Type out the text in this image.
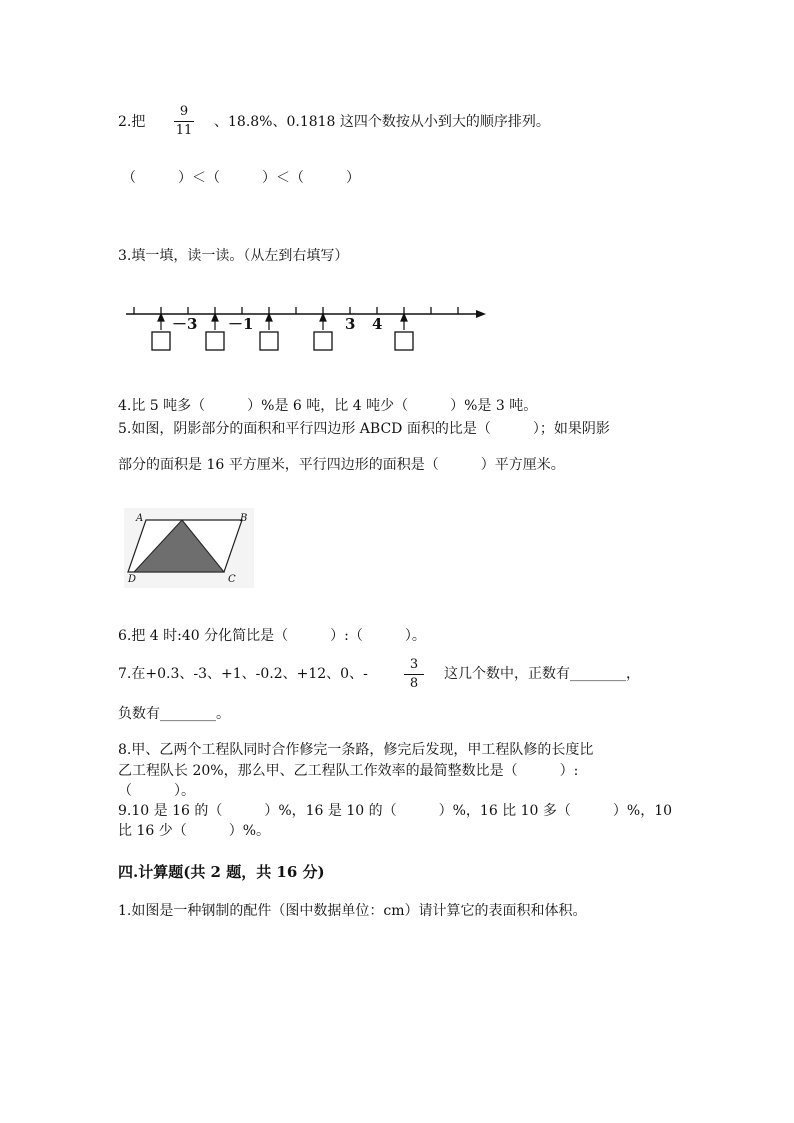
2.把
9
11
、18.8%、0.1818 这四个数按从小到大的顺序排列。
（　　　）＜（　　　）＜（　　　）
3.填一填，读一读。（从左到右填写）
－3 －1	3 4
4.比 5 吨多（　　　）%是 6 吨，比 4 吨少（　　　）%是 3 吨。
5.如图，阴影部分的面积和平行四边形 ABCD 面积的比是（　　　）；如果阴影
部分的面积是 16 平方厘米，平行四边形的面积是（　　　）平方厘米。
A	B
C
D
6.把 4 时:40 分化简比是（　　　）:（　　　）。
7.在+0.3、-3、+1、-0.2、+12、0、-
3
8
这几个数中，正数有________，
负数有________。
8.甲、乙两个工程队同时合作修完一条路，修完后发现，甲工程队修的长度比
乙工程队长 20%，那么甲、乙工程队工作效率的最简整数比是（　　　）:
（　　　）。
9.10 是 16 的（　　　）%，16 是 10 的（　　　）%，16 比 10 多（　　　）%，10
比 16 少（　　　）%。
四.计算题(共 2 题，共 16 分)
1.如图是一种钢制的配件（图中数据单位：cm）请计算它的表面积和体积。
